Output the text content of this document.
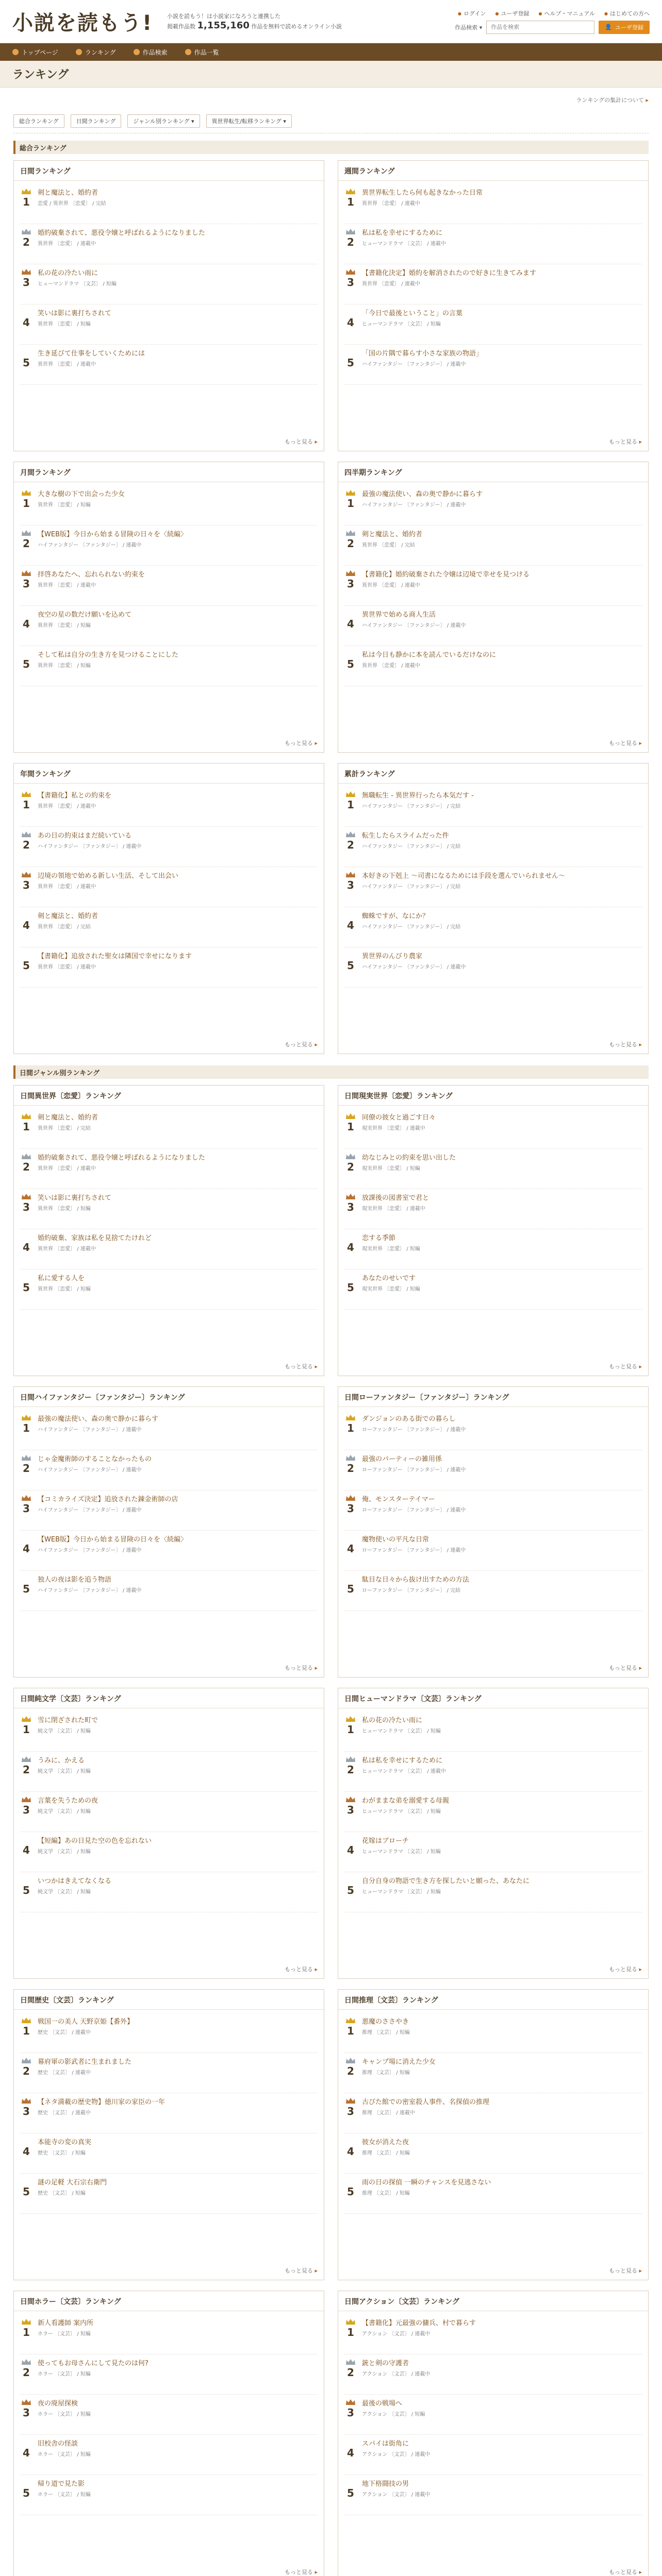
小説を読もう!	小説を読もう！は小説家になろうと連携した
掲載作品数 1,155,160 作品を無料で読めるオンライン小説
● ログイン	● ユーザ登録	● ヘルプ・マニュアル	● はじめての方へ
作品検索 ▾
作品を検索	👤 ユーザ登録
トップページ	ランキング	作品検索	作品一覧
ランキング
ランキングの集計について ▸
総合ランキング	日間ランキング	ジャンル別ランキング ▾	異世界転生/転移ランキング ▾
総合ランキング
日間ランキング
1
剣と魔法と、婚約者
恋愛 / 異世界 〔恋愛〕 / 完結
2
婚約破棄されて、悪役令嬢と呼ばれるようになりました
異世界 〔恋愛〕 / 連載中
3
私の花の冷たい雨に
ヒューマンドラマ 〔文芸〕 / 短編
4
笑いは影に裏打ちされて
異世界 〔恋愛〕 / 短編
5
生き延びて仕事をしていくためには
異世界 〔恋愛〕 / 連載中
もっと見る ▸
週間ランキング
1
異世界転生したら何も起きなかった日常
異世界 〔恋愛〕 / 連載中
2
私は私を幸せにするために
ヒューマンドラマ 〔文芸〕 / 連載中
3
【書籍化決定】婚約を解消されたので好きに生きてみます
異世界 〔恋愛〕 / 連載中
4
「今日で最後ということ」の言葉
ヒューマンドラマ 〔文芸〕 / 短編
5
「国の片隅で暮らす小さな家族の物語」
ハイファンタジー 〔ファンタジー〕 / 連載中
もっと見る ▸
月間ランキング
1
大きな樹の下で出会った少女
異世界 〔恋愛〕 / 短編
2
【WEB版】今日から始まる冒険の日々を〈続編〉
ハイファンタジー 〔ファンタジー〕 / 連載中
3
拝啓あなたへ、忘れられない約束を
異世界 〔恋愛〕 / 連載中
4
夜空の星の数だけ願いを込めて
異世界 〔恋愛〕 / 短編
5
そして私は自分の生き方を見つけることにした
異世界 〔恋愛〕 / 短編
もっと見る ▸
四半期ランキング
1
最強の魔法使い、森の奥で静かに暮らす
ハイファンタジー 〔ファンタジー〕 / 連載中
2
剣と魔法と、婚約者
異世界 〔恋愛〕 / 完結
3
【書籍化】婚約破棄された令嬢は辺境で幸せを見つける
異世界 〔恋愛〕 / 連載中
4
異世界で始める商人生活
ハイファンタジー 〔ファンタジー〕 / 連載中
5
私は今日も静かに本を読んでいるだけなのに
異世界 〔恋愛〕 / 連載中
もっと見る ▸
年間ランキング
1
【書籍化】私との約束を
異世界 〔恋愛〕 / 連載中
2
あの日の約束はまだ続いている
ハイファンタジー 〔ファンタジー〕 / 連載中
3
辺境の領地で始める新しい生活、そして出会い
異世界 〔恋愛〕 / 連載中
4
剣と魔法と、婚約者
異世界 〔恋愛〕 / 完結
5
【書籍化】追放された聖女は隣国で幸せになります
異世界 〔恋愛〕 / 連載中
もっと見る ▸
累計ランキング
1
無職転生 - 異世界行ったら本気だす -
ハイファンタジー 〔ファンタジー〕 / 完結
2
転生したらスライムだった件
ハイファンタジー 〔ファンタジー〕 / 完結
3
本好きの下剋上 ～司書になるためには手段を選んでいられません～
ハイファンタジー 〔ファンタジー〕 / 完結
4
蜘蛛ですが、なにか？
ハイファンタジー 〔ファンタジー〕 / 完結
5
異世界のんびり農家
ハイファンタジー 〔ファンタジー〕 / 連載中
もっと見る ▸
日間ジャンル別ランキング
日間異世界〔恋愛〕ランキング
1
剣と魔法と、婚約者
異世界 〔恋愛〕 / 完結
2
婚約破棄されて、悪役令嬢と呼ばれるようになりました
異世界 〔恋愛〕 / 連載中
3
笑いは影に裏打ちされて
異世界 〔恋愛〕 / 短編
4
婚約破棄、家族は私を見捨てたけれど
異世界 〔恋愛〕 / 連載中
5
私に愛する人を
異世界 〔恋愛〕 / 短編
もっと見る ▸
日間現実世界〔恋愛〕ランキング
1
同僚の彼女と過ごす日々
現実世界 〔恋愛〕 / 連載中
2
幼なじみとの約束を思い出した
現実世界 〔恋愛〕 / 短編
3
放課後の図書室で君と
現実世界 〔恋愛〕 / 連載中
4
恋する季節
現実世界 〔恋愛〕 / 短編
5
あなたのせいです
現実世界 〔恋愛〕 / 短編
もっと見る ▸
日間ハイファンタジー〔ファンタジー〕ランキング
1
最強の魔法使い、森の奥で静かに暮らす
ハイファンタジー 〔ファンタジー〕 / 連載中
2
じゃ金魔術師のすることなかったもの
ハイファンタジー 〔ファンタジー〕 / 連載中
3
【コミカライズ決定】追放された錬金術師の店
ハイファンタジー 〔ファンタジー〕 / 連載中
4
【WEB版】今日から始まる冒険の日々を〈続編〉
ハイファンタジー 〔ファンタジー〕 / 連載中
5
独人の夜は影を追う物語
ハイファンタジー 〔ファンタジー〕 / 連載中
もっと見る ▸
日間ローファンタジー〔ファンタジー〕ランキング
1
ダンジョンのある街での暮らし
ローファンタジー 〔ファンタジー〕 / 連載中
2
最強のパーティーの雑用係
ローファンタジー 〔ファンタジー〕 / 連載中
3
俺、モンスターテイマー
ローファンタジー 〔ファンタジー〕 / 連載中
4
魔物使いの平凡な日常
ローファンタジー 〔ファンタジー〕 / 連載中
5
駄目な日々から抜け出すための方法
ローファンタジー 〔ファンタジー〕 / 完結
もっと見る ▸
日間純文学〔文芸〕ランキング
1
雪に閉ざされた町で
純文学 〔文芸〕 / 短編
2
うみに、かえる
純文学 〔文芸〕 / 短編
3
言葉を失うための夜
純文学 〔文芸〕 / 短編
4
【短編】あの日見た空の色を忘れない
純文学 〔文芸〕 / 短編
5
いつかはきえてなくなる
純文学 〔文芸〕 / 短編
もっと見る ▸
日間ヒューマンドラマ〔文芸〕ランキング
1
私の花の冷たい雨に
ヒューマンドラマ 〔文芸〕 / 短編
2
私は私を幸せにするために
ヒューマンドラマ 〔文芸〕 / 連載中
3
わがままな弟を溺愛する母親
ヒューマンドラマ 〔文芸〕 / 短編
4
花嫁はブローチ
ヒューマンドラマ 〔文芸〕 / 短編
5
自分自身の物語で生き方を探したいと願った、あなたに
ヒューマンドラマ 〔文芸〕 / 短編
もっと見る ▸
日間歴史〔文芸〕ランキング
1
戦国一の美人 天野京姫【番外】
歴史 〔文芸〕 / 連載中
2
幕府軍の影武者に生まれました
歴史 〔文芸〕 / 連載中
3
【ネタ満載の歴史物】徳川家の家臣の一年
歴史 〔文芸〕 / 連載中
4
本能寺の変の真実
歴史 〔文芸〕 / 短編
5
謎の足軽 大石宗右衛門
歴史 〔文芸〕 / 短編
もっと見る ▸
日間推理〔文芸〕ランキング
1
悪魔のささやき
推理 〔文芸〕 / 短編
2
キャンプ場に消えた少女
推理 〔文芸〕 / 短編
3
古びた館での密室殺人事件、名探偵の推理
推理 〔文芸〕 / 連載中
4
彼女が消えた夜
推理 〔文芸〕 / 短編
5
雨の日の探偵 一瞬のチャンスを見逃さない
推理 〔文芸〕 / 短編
もっと見る ▸
日間ホラー〔文芸〕ランキング
1
新人看護師 案内所
ホラー 〔文芸〕 / 短編
2
使ってもお母さんにして見たのは何?
ホラー 〔文芸〕 / 短編
3
夜の廃屋探検
ホラー 〔文芸〕 / 短編
4
旧校舎の怪談
ホラー 〔文芸〕 / 短編
5
帰り道で見た影
ホラー 〔文芸〕 / 短編
もっと見る ▸
日間アクション〔文芸〕ランキング
1
【書籍化】元最強の傭兵、村で暮らす
アクション 〔文芸〕 / 連載中
2
銃と剣の守護者
アクション 〔文芸〕 / 連載中
3
最後の戦場へ
アクション 〔文芸〕 / 短編
4
スパイは街角に
アクション 〔文芸〕 / 連載中
5
地下格闘技の男
アクション 〔文芸〕 / 連載中
もっと見る ▸
